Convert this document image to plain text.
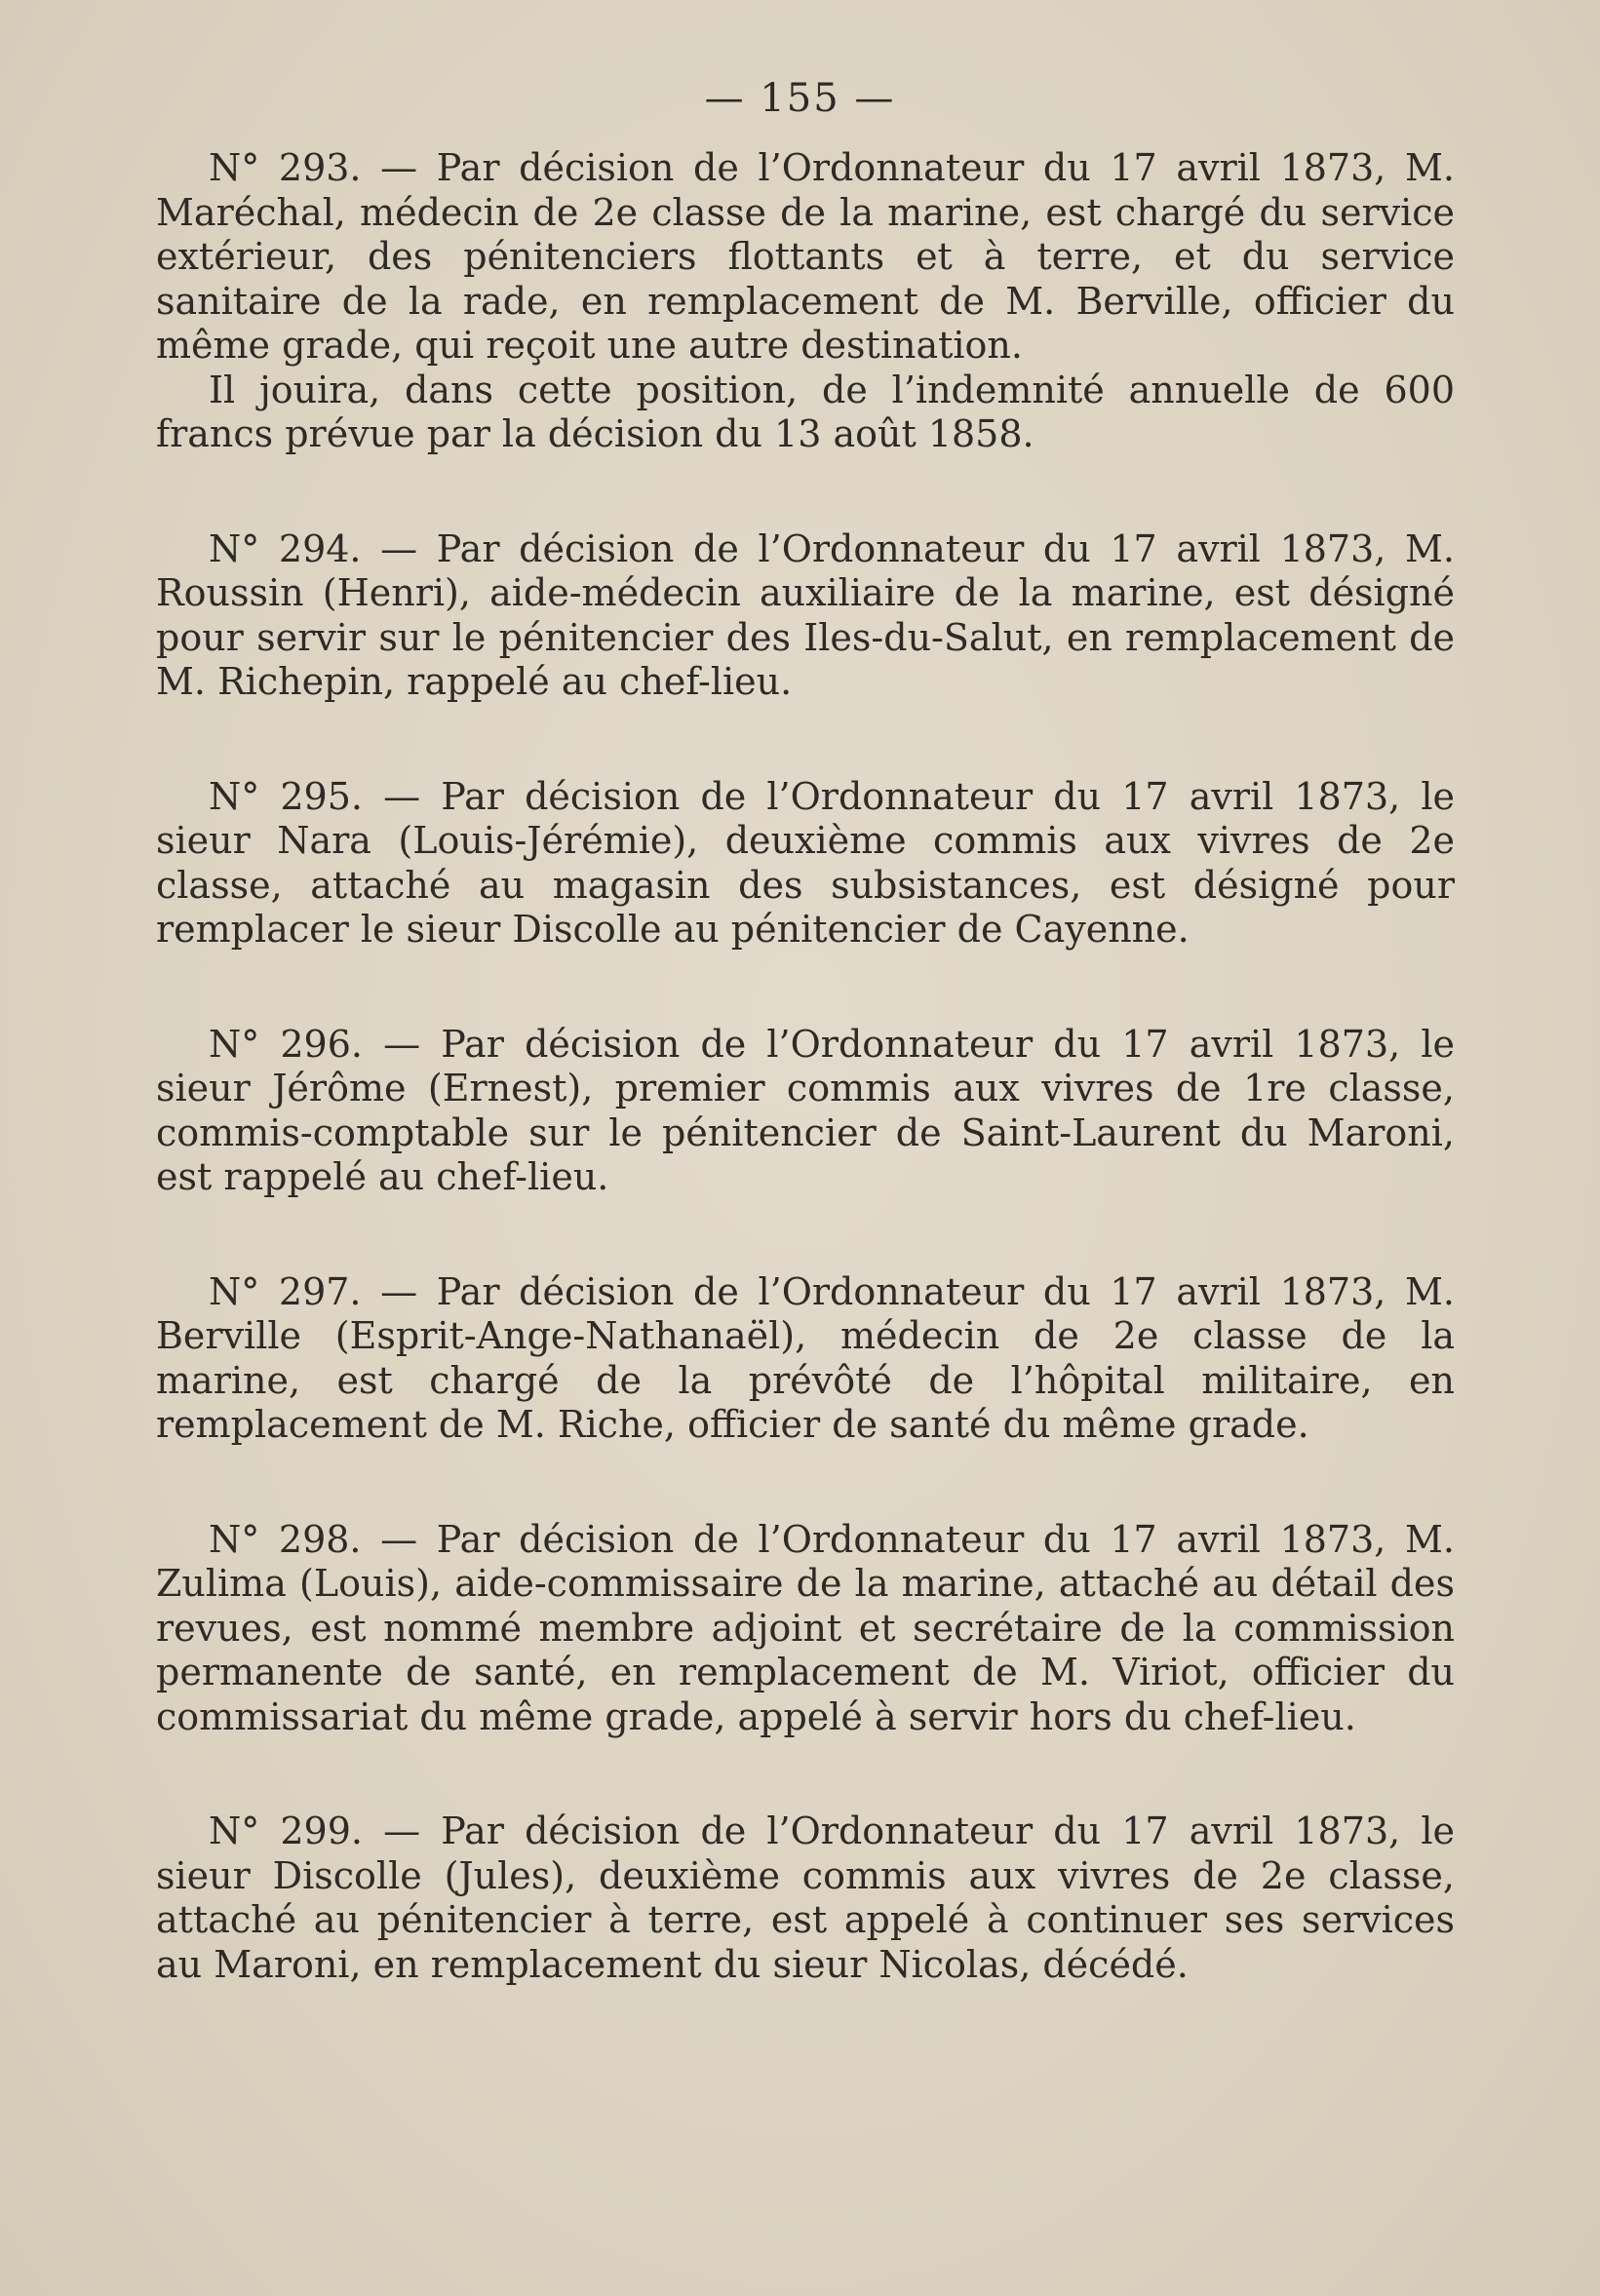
— 155 —

N° 293. — Par décision de l’Ordonnateur du 17 avril 1873, M. Maréchal, médecin de 2e classe de la marine, est chargé du service extérieur, des pénitenciers flottants et à terre, et du service sanitaire de la rade, en remplacement de M. Berville, officier du même grade, qui reçoit une autre destination.

Il jouira, dans cette position, de l’indemnité annuelle de 600 francs prévue par la décision du 13 août 1858.

N° 294. — Par décision de l’Ordonnateur du 17 avril 1873, M. Roussin (Henri), aide-médecin auxiliaire de la marine, est désigné pour servir sur le pénitencier des Iles-du-Salut, en remplacement de M. Richepin, rappelé au chef-lieu.

N° 295. — Par décision de l’Ordonnateur du 17 avril 1873, le sieur Nara (Louis-Jérémie), deuxième commis aux vivres de 2e classe, attaché au magasin des subsistances, est désigné pour remplacer le sieur Discolle au pénitencier de Cayenne.

N° 296. — Par décision de l’Ordonnateur du 17 avril 1873, le sieur Jérôme (Ernest), premier commis aux vivres de 1re classe, commis-comptable sur le pénitencier de Saint-Laurent du Maroni, est rappelé au chef-lieu.

N° 297. — Par décision de l’Ordonnateur du 17 avril 1873, M. Berville (Esprit-Ange-Nathanaël), médecin de 2e classe de la marine, est chargé de la prévôté de l’hôpital militaire, en remplacement de M. Riche, officier de santé du même grade.

N° 298. — Par décision de l’Ordonnateur du 17 avril 1873, M. Zulima (Louis), aide-commissaire de la marine, attaché au détail des revues, est nommé membre adjoint et secrétaire de la commission permanente de santé, en remplacement de M. Viriot, officier du commissariat du même grade, appelé à servir hors du chef-lieu.

N° 299. — Par décision de l’Ordonnateur du 17 avril 1873, le sieur Discolle (Jules), deuxième commis aux vivres de 2e classe, attaché au pénitencier à terre, est appelé à continuer ses services au Maroni, en remplacement du sieur Nicolas, décédé.
